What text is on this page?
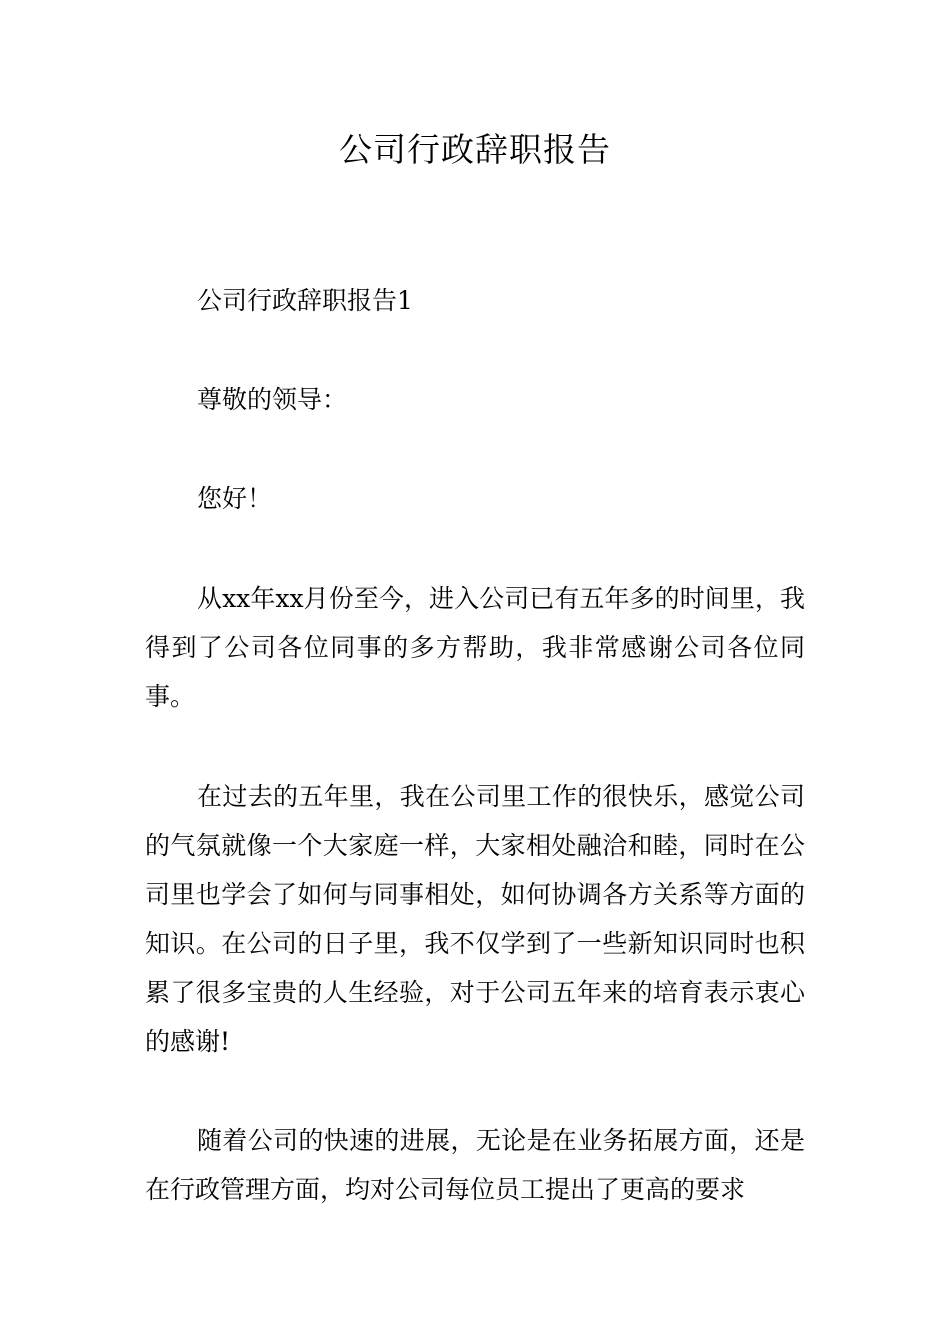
公司行政辞职报告

公司行政辞职报告1

尊敬的领导：

您好！

从xx年xx月份至今，进入公司已有五年多的时间里，我得到了公司各位同事的多方帮助，我非常感谢公司各位同事。

在过去的五年里，我在公司里工作的很快乐，感觉公司的气氛就像一个大家庭一样，大家相处融洽和睦，同时在公司里也学会了如何与同事相处，如何协调各方关系等方面的知识。在公司的日子里，我不仅学到了一些新知识同时也积累了很多宝贵的人生经验，对于公司五年来的培育表示衷心的感谢!

随着公司的快速的进展，无论是在业务拓展方面，还是在行政管理方面，均对公司每位员工提出了更高的要求
